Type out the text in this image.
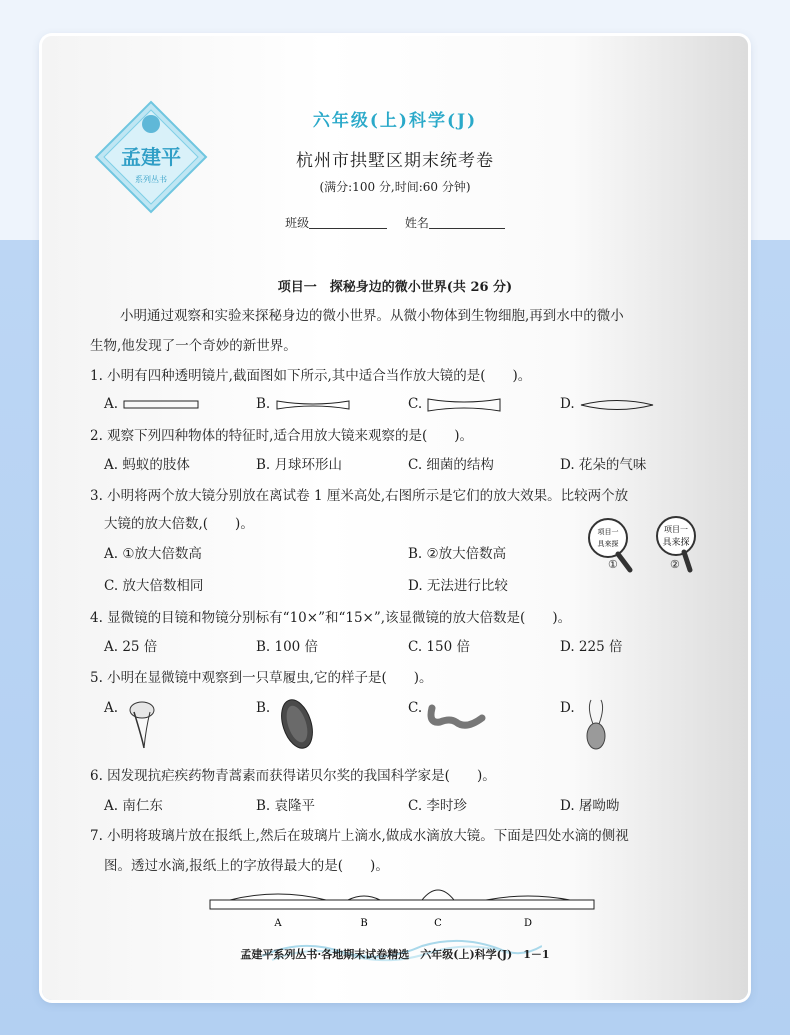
孟建平
系列丛书
六年级(上)科学(J)
杭州市拱墅区期末统考卷
(满分:100 分,时间:60 分钟)
班级	姓名
项目一　探秘身边的微小世界(共 26 分)
小明通过观察和实验来探秘身边的微小世界。从微小物体到生物细胞,再到水中的微小
生物,他发现了一个奇妙的新世界。
1. 小明有四种透明镜片,截面图如下所示,其中适合当作放大镜的是(　　)。
A.	B.	C.	D.
2. 观察下列四种物体的特征时,适合用放大镜来观察的是(　　)。
A. 蚂蚁的肢体	B. 月球环形山	C. 细菌的结构	D. 花朵的气味
3. 小明将两个放大镜分别放在离试卷 1 厘米高处,右图所示是它们的放大效果。比较两个放
大镜的放大倍数,(　　)。
A. ①放大倍数高	B. ②放大倍数高
C. 放大倍数相同	D. 无法进行比较
项目一
具来探
项目一
具来探
①	②
4. 显微镜的目镜和物镜分别标有“10×”和“15×”,该显微镜的放大倍数是(　　)。
A. 25 倍	B. 100 倍	C. 150 倍	D. 225 倍
5. 小明在显微镜中观察到一只草履虫,它的样子是(　　)。
A.	B.	C.	D.
6. 因发现抗疟疾药物青蒿素而获得诺贝尔奖的我国科学家是(　　)。
A. 南仁东	B. 袁隆平	C. 李时珍	D. 屠呦呦
7. 小明将玻璃片放在报纸上,然后在玻璃片上滴水,做成水滴放大镜。下面是四处水滴的侧视
图。透过水滴,报纸上的字放得最大的是(　　)。
A	B	C	D
孟建平系列丛书·各地期末试卷精选　六年级(上)科学(J)　1－1
